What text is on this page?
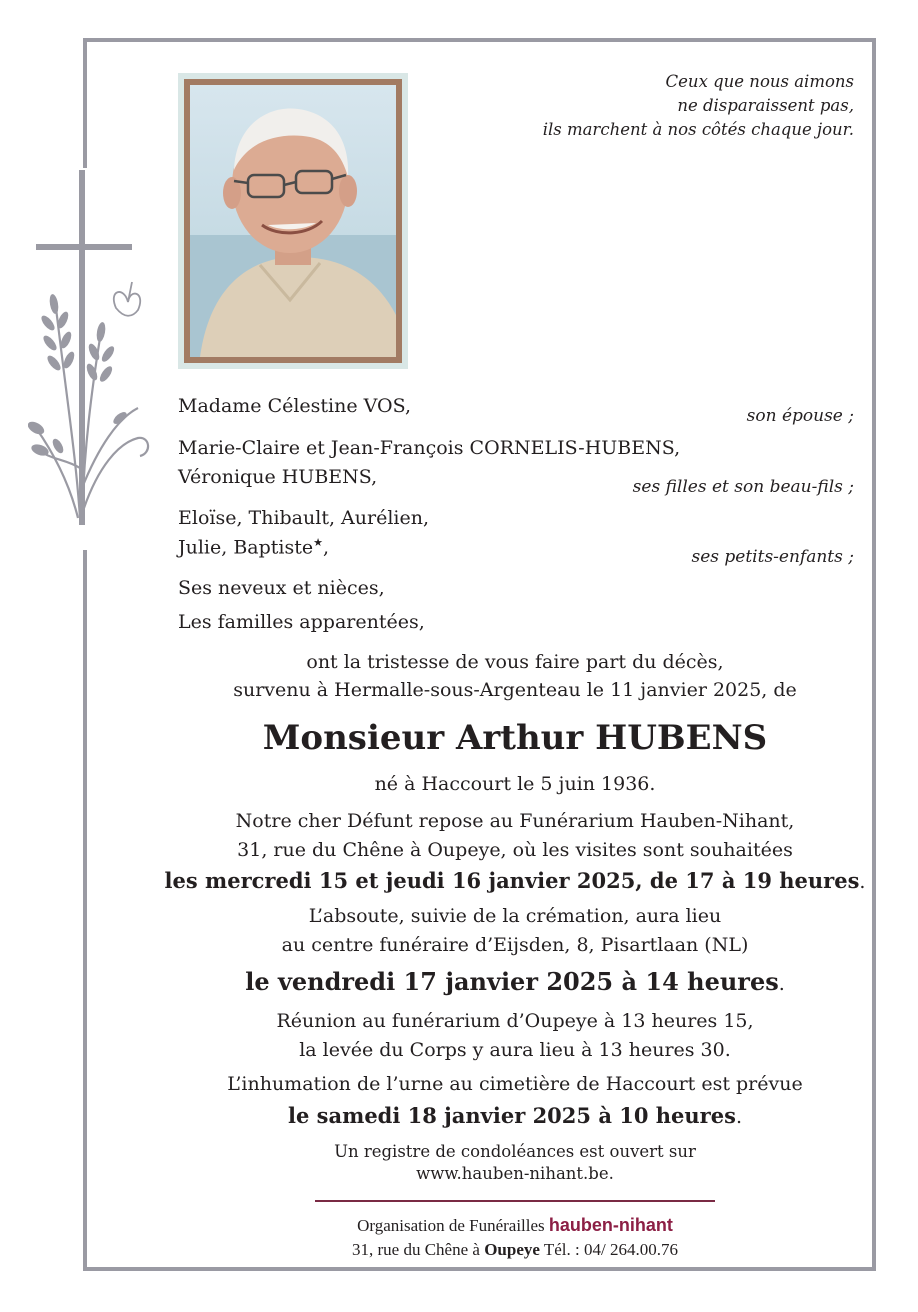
Ceux que nous aimons
ne disparaissent pas,
ils marchent à nos côtés chaque jour.
Madame Célestine VOS,	son épouse ;
Marie-Claire et Jean-François CORNELIS-HUBENS,
Véronique HUBENS,	ses filles et son beau-fils ;
Eloïse, Thibault, Aurélien,
Julie, Baptiste★,	ses petits-enfants ;
Ses neveux et nièces,
Les familles apparentées,
ont la tristesse de vous faire part du décès,
survenu à Hermalle-sous-Argenteau le 11 janvier 2025, de
Monsieur Arthur HUBENS
né à Haccourt le 5 juin 1936.
Notre cher Défunt repose au Funérarium Hauben-Nihant,
31, rue du Chêne à Oupeye, où les visites sont souhaitées
les mercredi 15 et jeudi 16 janvier 2025, de 17 à 19 heures.
L’absoute, suivie de la crémation, aura lieu
au centre funéraire d’Eijsden, 8, Pisartlaan (NL)
le vendredi 17 janvier 2025 à 14 heures.
Réunion au funérarium d’Oupeye à 13 heures 15,
la levée du Corps y aura lieu à 13 heures 30.
L’inhumation de l’urne au cimetière de Haccourt est prévue
le samedi 18 janvier 2025 à 10 heures.
Un registre de condoléances est ouvert sur
www.hauben-nihant.be.
Organisation de Funérailles hauben-nihant
31, rue du Chêne à Oupeye Tél. : 04/ 264.00.76
